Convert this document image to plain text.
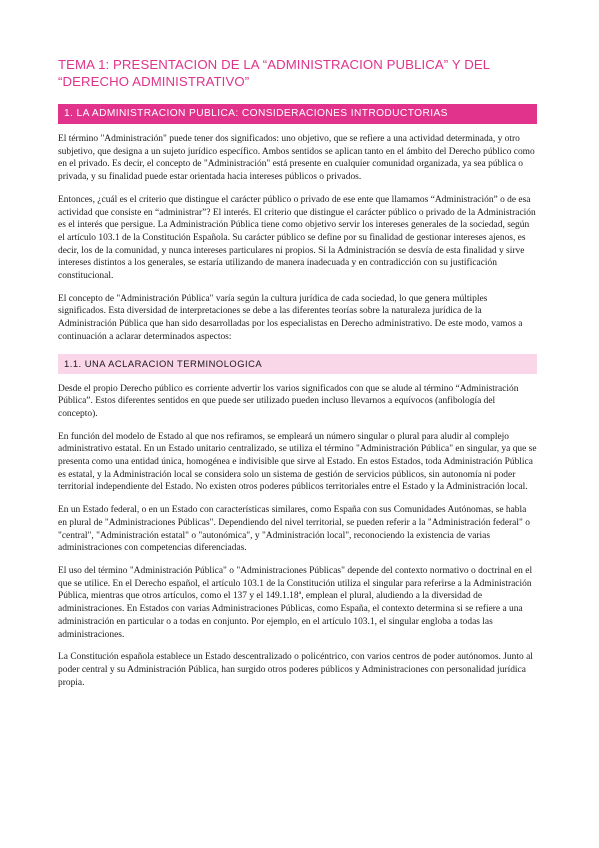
TEMA 1: PRESENTACION DE LA “ADMINISTRACION PUBLICA” Y DEL “DERECHO ADMINISTRATIVO”
1. LA ADMINISTRACION PUBLICA: CONSIDERACIONES INTRODUCTORIAS

El término "Administración" puede tener dos significados: uno objetivo, que se refiere a una actividad determinada, y otro subjetivo, que designa a un sujeto jurídico específico. Ambos sentidos se aplican tanto en el ámbito del Derecho público como en el privado. Es decir, el concepto de "Administración" está presente en cualquier comunidad organizada, ya sea pública o privada, y su finalidad puede estar orientada hacia intereses públicos o privados.

Entonces, ¿cuál es el criterio que distingue el carácter público o privado de ese ente que llamamos “Administración” o de esa actividad que consiste en “administrar”? El interés. El criterio que distingue el carácter público o privado de la Administración es el interés que persigue. La Administración Pública tiene como objetivo servir los intereses generales de la sociedad, según el artículo 103.1 de la Constitución Española. Su carácter público se define por su finalidad de gestionar intereses ajenos, es decir, los de la comunidad, y nunca intereses particulares ni propios. Si la Administración se desvía de esta finalidad y sirve intereses distintos a los generales, se estaría utilizando de manera inadecuada y en contradicción con su justificación constitucional.

El concepto de "Administración Pública" varía según la cultura jurídica de cada sociedad, lo que genera múltiples significados. Esta diversidad de interpretaciones se debe a las diferentes teorías sobre la naturaleza jurídica de la Administración Pública que han sido desarrolladas por los especialistas en Derecho administrativo. De este modo, vamos a continuación a aclarar determinados aspectos:

1.1. UNA ACLARACION TERMINOLOGICA

Desde el propio Derecho público es corriente advertir los varios significados con que se alude al término “Administración Pública”. Estos diferentes sentidos en que puede ser utilizado pueden incluso llevarnos a equívocos (anfibología del concepto).

En función del modelo de Estado al que nos refiramos, se empleará un número singular o plural para aludir al complejo administrativo estatal. En un Estado unitario centralizado, se utiliza el término "Administración Pública" en singular, ya que se presenta como una entidad única, homogénea e indivisible que sirve al Estado. En estos Estados, toda Administración Pública es estatal, y la Administración local se considera solo un sistema de gestión de servicios públicos, sin autonomía ni poder territorial independiente del Estado. No existen otros poderes públicos territoriales entre el Estado y la Administración local.

En un Estado federal, o en un Estado con características similares, como España con sus Comunidades Autónomas, se habla en plural de "Administraciones Públicas". Dependiendo del nivel territorial, se pueden referir a la "Administración federal" o "central", "Administración estatal" o "autonómica", y "Administración local", reconociendo la existencia de varias administraciones con competencias diferenciadas.

El uso del término "Administración Pública" o "Administraciones Públicas" depende del contexto normativo o doctrinal en el que se utilice. En el Derecho español, el artículo 103.1 de la Constitución utiliza el singular para referirse a la Administración Pública, mientras que otros artículos, como el 137 y el 149.1.18ª, emplean el plural, aludiendo a la diversidad de administraciones. En Estados con varias Administraciones Públicas, como España, el contexto determina si se refiere a una administración en particular o a todas en conjunto. Por ejemplo, en el artículo 103.1, el singular engloba a todas las administraciones.

La Constitución española establece un Estado descentralizado o policéntrico, con varios centros de poder autónomos. Junto al poder central y su Administración Pública, han surgido otros poderes públicos y Administraciones con personalidad jurídica propia.
